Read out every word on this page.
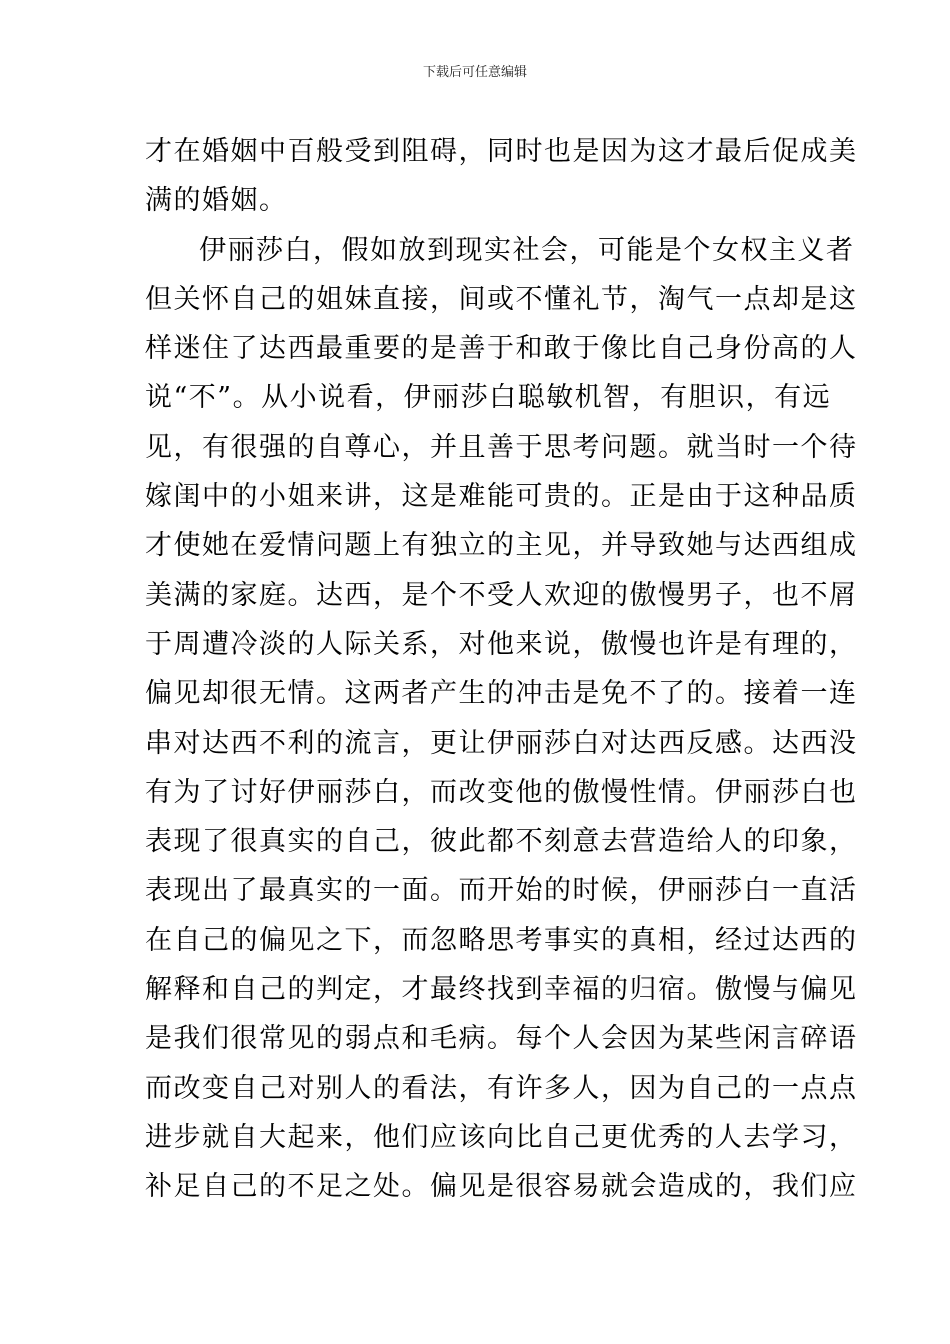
下载后可任意编辑
才在婚姻中百般受到阻碍，同时也是因为这才最后促成美
满的婚姻。
伊丽莎白，假如放到现实社会，可能是个女权主义者
但关怀自己的姐妹直接，间或不懂礼节，淘气一点却是这
样迷住了达西最重要的是善于和敢于像比自己身份高的人
说“不”。从小说看，伊丽莎白聪敏机智，有胆识，有远
见，有很强的自尊心，并且善于思考问题。就当时一个待
嫁闺中的小姐来讲，这是难能可贵的。正是由于这种品质
才使她在爱情问题上有独立的主见，并导致她与达西组成
美满的家庭。达西，是个不受人欢迎的傲慢男子，也不屑
于周遭冷淡的人际关系，对他来说，傲慢也许是有理的，
偏见却很无情。这两者产生的冲击是免不了的。接着一连
串对达西不利的流言，更让伊丽莎白对达西反感。达西没
有为了讨好伊丽莎白，而改变他的傲慢性情。伊丽莎白也
表现了很真实的自己，彼此都不刻意去营造给人的印象，
表现出了最真实的一面。而开始的时候，伊丽莎白一直活
在自己的偏见之下，而忽略思考事实的真相，经过达西的
解释和自己的判定，才最终找到幸福的归宿。傲慢与偏见
是我们很常见的弱点和毛病。每个人会因为某些闲言碎语
而改变自己对别人的看法，有许多人，因为自己的一点点
进步就自大起来，他们应该向比自己更优秀的人去学习，
补足自己的不足之处。偏见是很容易就会造成的，我们应
